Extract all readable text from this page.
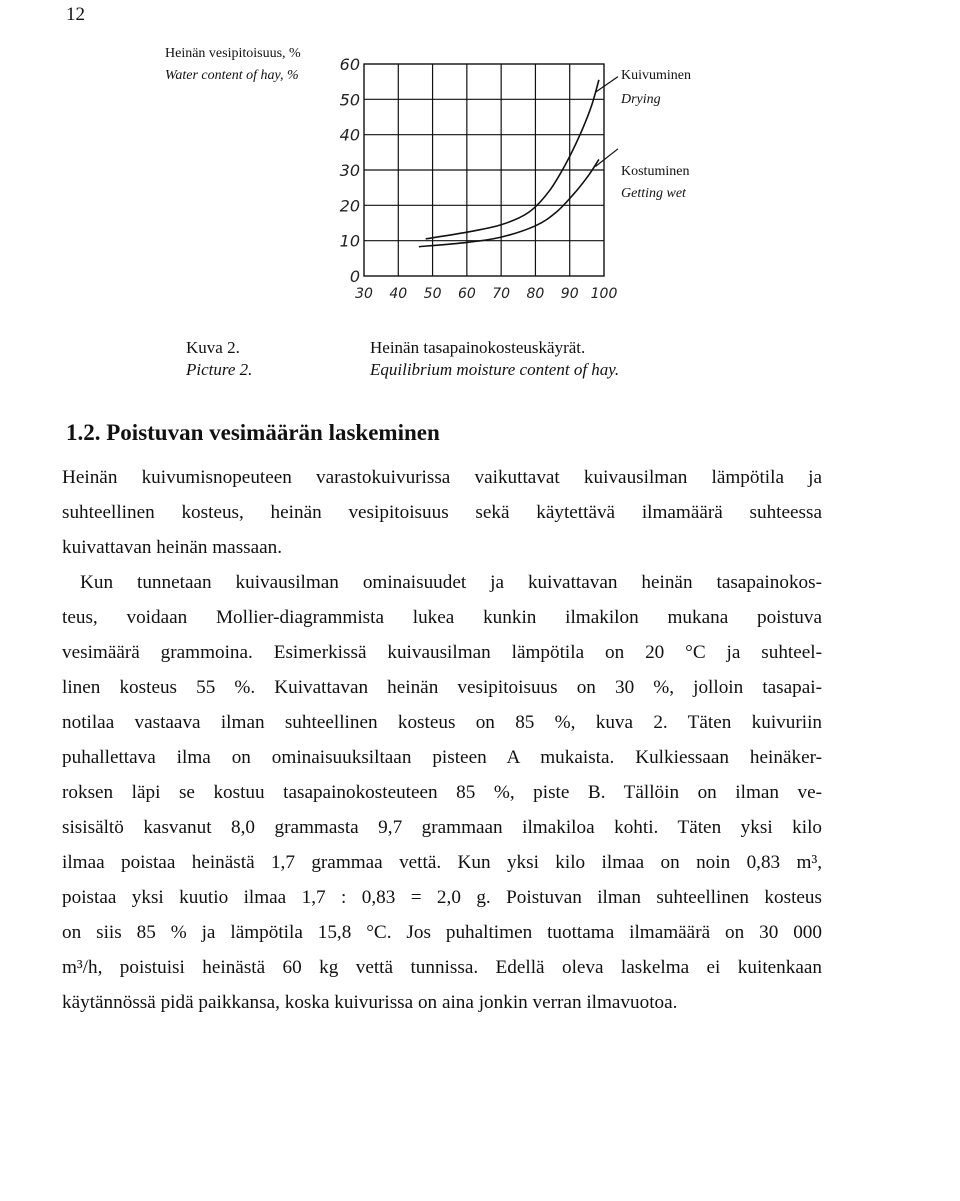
12
Heinän vesipitoisuus, %
Water content of hay, %
0
10
20
30
40
50
60
30 40 50 60 70 80 90 100
Kuivuminen
Drying
Kostuminen
Getting wet
Kuva 2.
Picture 2.
Heinän tasapainokosteuskäyrät.
Equilibrium moisture content of hay.
1.2. Poistuvan vesimäärän laskeminen
Heinän kuivumisnopeuteen varastokuivurissa vaikuttavat kuivausilman lämpötila ja
suhteellinen kosteus, heinän vesipitoisuus sekä käytettävä ilmamäärä suhteessa
kuivattavan heinän massaan.
Kun tunnetaan kuivausilman ominaisuudet ja kuivattavan heinän tasapainokos-
teus, voidaan Mollier-diagrammista lukea kunkin ilmakilon mukana poistuva
vesimäärä grammoina. Esimerkissä kuivausilman lämpötila on 20 °C ja suhteel-
linen kosteus 55 %. Kuivattavan heinän vesipitoisuus on 30 %, jolloin tasapai-
notilaa vastaava ilman suhteellinen kosteus on 85 %, kuva 2. Täten kuivuriin
puhallettava ilma on ominaisuuksiltaan pisteen A mukaista. Kulkiessaan heinäker-
roksen läpi se kostuu tasapainokosteuteen 85 %, piste B. Tällöin on ilman ve-
sisisältö kasvanut 8,0 grammasta 9,7 grammaan ilmakiloa kohti. Täten yksi kilo
ilmaa poistaa heinästä 1,7 grammaa vettä. Kun yksi kilo ilmaa on noin 0,83 m³,
poistaa yksi kuutio ilmaa 1,7 : 0,83 = 2,0 g. Poistuvan ilman suhteellinen kosteus
on siis 85 % ja lämpötila 15,8 °C. Jos puhaltimen tuottama ilmamäärä on 30 000
m³/h, poistuisi heinästä 60 kg vettä tunnissa. Edellä oleva laskelma ei kuitenkaan
käytännössä pidä paikkansa, koska kuivurissa on aina jonkin verran ilmavuotoa.
